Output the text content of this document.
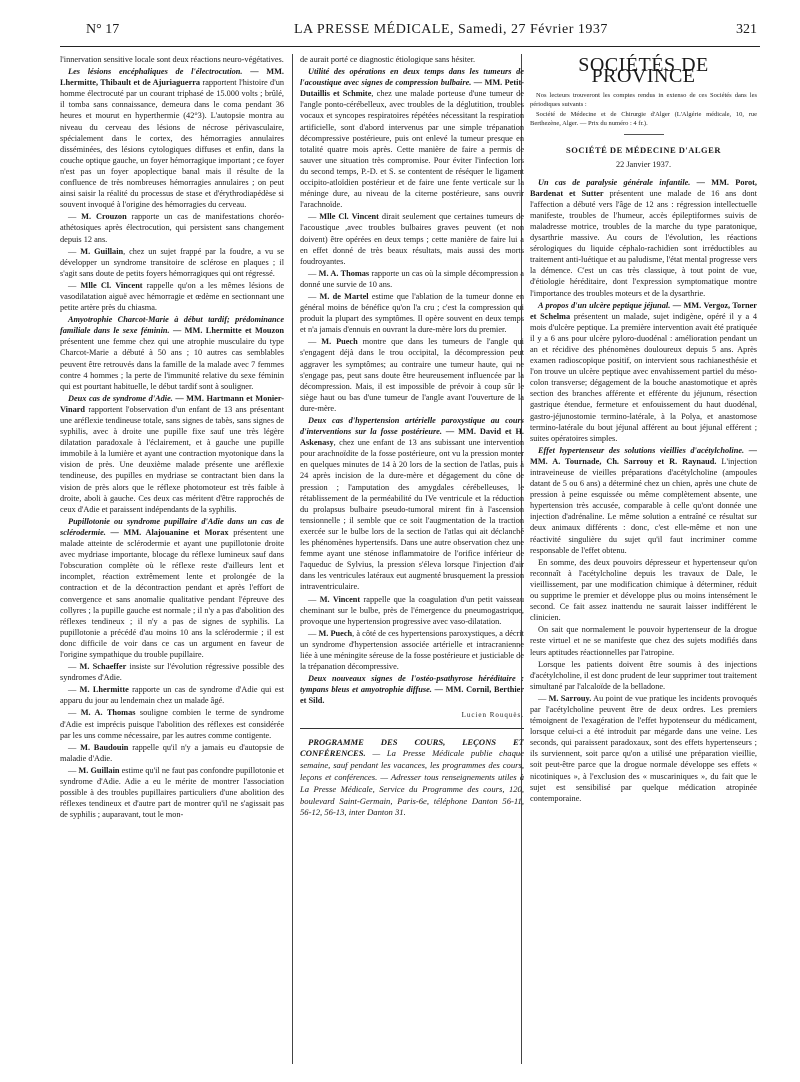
N° 17	LA PRESSE MÉDICALE, Samedi, 27 Février 1937	321

l'innervation sensitive locale sont deux réactions neuro-végétatives.

Les lésions encéphaliques de l'électrocution. — MM. Lhermitte, Thibault et de Ajuriaguerra rapportent l'histoire d'un homme électrocuté par un courant triphasé de 15.000 volts ; brûlé, il tomba sans connaissance, demeura dans le coma pendant 36 heures et mourut en hyperthermie (42°3). L'autopsie montra au niveau du cerveau des lésions de nécrose périvasculaire, spécialement dans le cortex, des hémorragies annulaires disséminées, des lésions cytologiques diffuses et enfin, dans la couche optique gauche, un foyer hémorragique important ; ce foyer n'est pas un foyer apoplectique banal mais il résulte de la confluence de très nombreuses hémorragies annulaires ; on peut ainsi saisir la réalité du processus de stase et d'érythrodiapédèse si souvent invoqué à l'origine des hémorragies du cerveau.

— M. Crouzon rapporte un cas de manifestations choréo-athétosiques après électrocution, qui persistent sans changement depuis 12 ans.

— M. Guillain, chez un sujet frappé par la foudre, a vu se développer un syndrome transitoire de sclérose en plaques ; il s'agit sans doute de petits foyers hémorragiques qui ont régressé.

— Mlle Cl. Vincent rappelle qu'on a les mêmes lésions de vasodilatation aiguë avec hémorragie et œdème en sectionnant une petite artère près du chiasma.

Amyotrophie Charcot-Marie à début tardif; prédominance familiale dans le sexe féminin. — MM. Lhermitte et Mouzon présentent une femme chez qui une atrophie musculaire du type Charcot-Marie a débuté à 50 ans ; 10 autres cas semblables peuvent être retrouvés dans la famille de la malade avec 7 femmes contre 4 hommes ; la perte de l'immunité relative du sexe féminin qui est pourtant habituelle, le début tardif sont à souligner.

Deux cas de syndrome d'Adie. — MM. Hartmann et Monier-Vinard rapportent l'observation d'un enfant de 13 ans présentant une aréflexie tendineuse totale, sans signes de tabès, sans signes de syphilis, avec à droite une pupille fixe sauf une très légère dilatation paradoxale à l'éclairement, et à gauche une pupille immobile à la lumière et ayant une contraction myotonique dans la vision de près. Une deuxième malade présente une aréflexie tendineuse, des pupilles en mydriase se contractant bien dans la vision de près alors que le réflexe photomoteur est très faible à droite, aboli à gauche. Ces deux cas méritent d'être rapprochés de ceux d'Adie et paraissent indépendants de la syphilis.

Pupillotonie ou syndrome pupillaire d'Adie dans un cas de sclérodermie. — MM. Alajouanine et Morax présentent une malade atteinte de sclérodermie et ayant une pupillotonie droite avec mydriase importante, blocage du réflexe lumineux sauf dans l'obscuration complète où le réflexe reste d'ailleurs lent et incomplet, réaction extrêmement lente et prolongée de la contraction et de la décontraction pendant et après l'effort de convergence et sans anomalie qualitative pendant l'épreuve des collyres ; la pupille gauche est normale ; il n'y a pas d'abolition des réflexes tendineux ; il n'y a pas de signes de syphilis. La pupillotonie a précédé d'au moins 10 ans la sclérodermie ; il est donc difficile de voir dans ce cas un argument en faveur de l'origine sympathique du trouble pupillaire.

— M. Schaeffer insiste sur l'évolution régressive possible des syndromes d'Adie.

— M. Lhermitte rapporte un cas de syndrome d'Adie qui est apparu du jour au lendemain chez un malade âgé.

— M. A. Thomas souligne combien le terme de syndrome d'Adie est imprécis puisque l'abolition des réflexes est considérée par les uns comme nécessaire, par les autres comme contigente.

— M. Baudouin rappelle qu'il n'y a jamais eu d'autopsie de maladie d'Adie.

— M. Guillain estime qu'il ne faut pas confondre pupillotonie et syndrome d'Adie. Adie a eu le mérite de montrer l'association possible à des troubles pupillaires particuliers d'une abolition des réflexes tendineux et d'autre part de montrer qu'il ne s'agissait pas de syphilis ; auparavant, tout le mon-

de aurait porté ce diagnostic étiologique sans hésiter.

Utilité des opérations en deux temps dans les tumeurs de l'acoustique avec signes de compression bulbaire. — MM. Petit-Dutaillis et Schmite, chez une malade porteuse d'une tumeur de l'angle ponto-cérébelleux, avec troubles de la déglutition, troubles vocaux et syncopes respiratoires répétées nécessitant la respiration artificielle, sont d'abord intervenus par une simple trépanation décompressive postérieure, puis ont enlevé la tumeur presque en totalité quatre mois après. Cette manière de faire a permis de sauver une situation très compromise. Pour éviter l'infection lors du second temps, P.-D. et S. se contentent de réséquer le ligament occipito-atloïdien postérieur et de faire une fente verticale sur la méninge dure, au niveau de la citerne postérieure, sans ouvrir l'arachnoïde.

— Mlle Cl. Vincent dirait seulement que certaines tumeurs de l'acoustique ,avec troubles bulbaires graves peuvent (et non doivent) être opérées en deux temps ; cette manière de faire lui a en effet donné de très beaux résultats, mais aussi des morts foudroyantes.

— M. A. Thomas rapporte un cas où la simple décompression a donné une survie de 10 ans.

— M. de Martel estime que l'ablation de la tumeur donne en général moins de bénéfice qu'on l'a cru ; c'est la compression qui produit la plupart des symptômes. Il opère souvent en deux temps et n'a jamais d'ennuis en ouvrant la dure-mère lors du premier.

— M. Puech montre que dans les tumeurs de l'angle qui s'engagent déjà dans le trou occipital, la décompression peut aggraver les symptômes; au contraire une tumeur haute, qui ne s'engage pas, peut sans doute être heureusement influencée par la décompression. Mais, il est impossible de prévoir à coup sûr le siège haut ou bas d'une tumeur de l'angle avant l'ouverture de la dure-mère.

Deux cas d'hypertension artérielle paroxystique au cours d'interventions sur la fosse postérieure. — MM. David et H. Askenasy, chez une enfant de 13 ans subissant une intervention pour arachnoïdite de la fosse postérieure, ont vu la pression monter en quelques minutes de 14 à 20 lors de la section de l'atlas, puis à 24 après incision de la dure-mère et dégagement du cône de pression ; l'amputation des amygdales cérébelleuses, le rétablissement de la perméabilité du IVe ventricule et la réduction du prolapsus bulbaire pseudo-tumoral mirent fin à l'ascension tensionnelle ; il semble que ce soit l'augmentation de la traction exercée sur le bulbe lors de la section de l'atlas qui ait déclanché les phénomènes hypertensifs. Dans une autre observation chez une femme ayant une sténose inflammatoire de l'orifice inférieur de l'aqueduc de Sylvius, la pression s'éleva lorsque l'injection d'air dans les ventricules latéraux eut augmenté brusquement la pression intraventriculaire.

— M. Vincent rappelle que la coagulation d'un petit vaisseau cheminant sur le bulbe, près de l'émergence du pneumogastrique, provoque une hypertension progressive avec vaso-dilatation.

— M. Puech, à côté de ces hypertensions paroxystiques, a décrit un syndrome d'hypertension associée artérielle et intracranienne liée à une méningite séreuse de la fosse postérieure et justiciable de la trépanation décompressive.

Deux nouveaux signes de l'ostéo-psathyrose héréditaire : tympans bleus et amyotrophie diffuse. — MM. Cornil, Berthier et Sild.

Lucien Rouquès.

PROGRAMME DES COURS, LEÇONS ET CONFÉRENCES. — La Presse Médicale publie chaque semaine, sauf pendant les vacances, les programmes des cours, leçons et conférences. — Adresser tous renseignements utiles à La Presse Médicale, Service du Programme des cours, 120, boulevard Saint-Germain, Paris-6e, téléphone Danton 56-11, 56-12, 56-13, inter Danton 31.

SOCIÉTÉS DE PROVINCE

Nos lecteurs trouveront les comptes rendus in extenso de ces Sociétés dans les périodiques suivants :

Société de Médecine et de Chirurgie d'Alger (L'Algérie médicale, 10, rue Berthezène, Alger. — Prix du numéro : 4 fr.).

SOCIÉTÉ DE MÉDECINE D'ALGER

22 Janvier 1937.

Un cas de paralysie générale infantile. — MM. Porot, Bardenat et Sutter présentent une malade de 16 ans dont l'affection a débuté vers l'âge de 12 ans : régression intellectuelle manifeste, troubles de l'humeur, accès épileptiformes suivis de maladresse motrice, troubles de la marche du type paratonique, dysarthrie massive. Au cours de l'évolution, les réactions sérologiques du liquide céphalo-rachidien sont irréductibles au traitement anti-luétique et au paludisme, l'état mental progresse vers la démence. C'est un cas très classique, à tout point de vue, d'étiologie héréditaire, dont l'expression symptomatique montre l'importance des troubles moteurs et de la dysarthrie.

A propos d'un ulcère peptique jéjunal. — MM. Vergoz, Torner et Schelma présentent un malade, sujet indigène, opéré il y a 4 mois d'ulcère peptique. La première intervention avait été pratiquée il y a 6 ans pour ulcère pyloro-duodénal : amélioration pendant un an et récidive des phénomènes douloureux depuis 5 ans. Après examen radioscopique positif, on intervient sous rachianesthésie et l'on trouve un ulcère peptique avec envahissement partiel du méso-colon transverse; dégagement de la bouche anastomotique et après section des branches afférente et efférente du jéjunum, résection gastrique étendue, fermeture et enfouissement du haut duodénal, gastro-jéjunostomie termino-latérale, à la Polya, et anastomose termino-latérale du bout jéjunal afférent au bout jéjunal efférent ; suites opératoires simples.

Effet hypertenseur des solutions vieillies d'acétylcholine. — MM. A. Tournade, Ch. Sarrouy et R. Raynaud. L'injection intraveineuse de vieilles préparations d'acétylcholine (ampoules datant de 5 ou 6 ans) a déterminé chez un chien, après une chute de pression à peine esquissée ou même complètement absente, une hypertension très accusée, comparable à celle qu'ont donnée une injection d'adrénaline. Le même solution a entraîné ce résultat sur deux animaux différents : donc, c'est elle-même et non une réactivité singulière du sujet qu'il faut incriminer comme responsable de l'effet obtenu.

En somme, des deux pouvoirs dépresseur et hypertenseur qu'on reconnaît à l'acétylcholine depuis les travaux de Dale, le vieillissement, par une modification chimique à déterminer, réduit ou supprime le premier et développe plus ou moins intensément le second. Ce fait assez inattendu ne saurait laisser indifférent le clinicien.

On sait que normalement le pouvoir hypertenseur de la drogue reste virtuel et ne se manifeste que chez des sujets modifiés dans leurs aptitudes réactionnelles par l'atropine.

Lorsque les patients doivent être soumis à des injections d'acétylcholine, il est donc prudent de leur supprimer tout traitement simultané par l'alcaloïde de la belladone.

— M. Sarrouy. Au point de vue pratique les incidents provoqués par l'acétylcholine peuvent être de deux ordres. Les premiers témoignent de l'exagération de l'effet hypotenseur du médicament, lorsque celui-ci a été introduit par mégarde dans une veine. Les seconds, qui paraissent paradoxaux, sont des effets hypertenseurs ; ils surviennent, soit parce qu'on a utilisé une préparation vieillie, soit peut-être parce que la drogue normale développe ses effets « nicotiniques », à l'exclusion des « muscariniques », du fait que le sujet est sensibilisé par quelque médication atropinée contemporaine.
